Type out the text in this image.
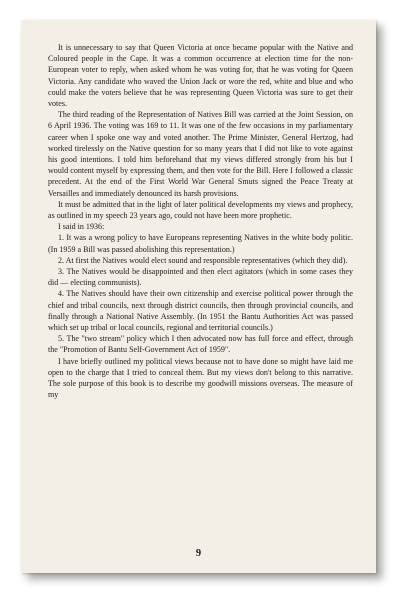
It is unnecessary to say that Queen Victoria at once became popular with the Native and Coloured people in the Cape. It was a common occurrence at election time for the non-European voter to reply, when asked whom he was voting for, that he was voting for Queen Victoria. Any candidate who waved the Union Jack or wore the red, white and blue and who could make the voters believe that he was representing Queen Victoria was sure to get their votes.

The third reading of the Representation of Natives Bill was carried at the Joint Session, on 6 April 1936. The voting was 169 to 11. It was one of the few occasions in my parliamentary career when I spoke one way and voted another. The Prime Minister, General Hertzog, had worked tirelessly on the Native question for so many years that I did not like to vote against his good intentions. I told him beforehand that my views differed strongly from his but I would content myself by expressing them, and then vote for the Bill. Here I followed a classic precedent. At the end of the First World War General Smuts signed the Peace Treaty at Versailles and immediately denounced its harsh provisions.

It must be admitted that in the light of later political developments my views and prophecy, as outlined in my speech 23 years ago, could not have been more prophetic.

I said in 1936:

1. It was a wrong policy to have Europeans representing Natives in the white body politic. (In 1959 a Bill was passed abolishing this representation.)

2. At first the Natives would elect sound and responsible representatives (which they did).

3. The Natives would be disappointed and then elect agitators (which in some cases they did — electing communists).

4. The Natives should have their own citizenship and exercise political power through the chief and tribal councils, next through district councils, then through provincial councils, and finally through a National Native Assembly. (In 1951 the Bantu Authorities Act was passed which set up tribal or local councils, regional and territorial councils.)

5. The "two stream" policy which I then advocated now has full force and effect, through the "Promotion of Bantu Self-Government Act of 1959".

I have briefly outlined my political views because not to have done so might have laid me open to the charge that I tried to conceal them. But my views don't belong to this narrative. The sole purpose of this book is to describe my goodwill missions overseas. The measure of my

9
